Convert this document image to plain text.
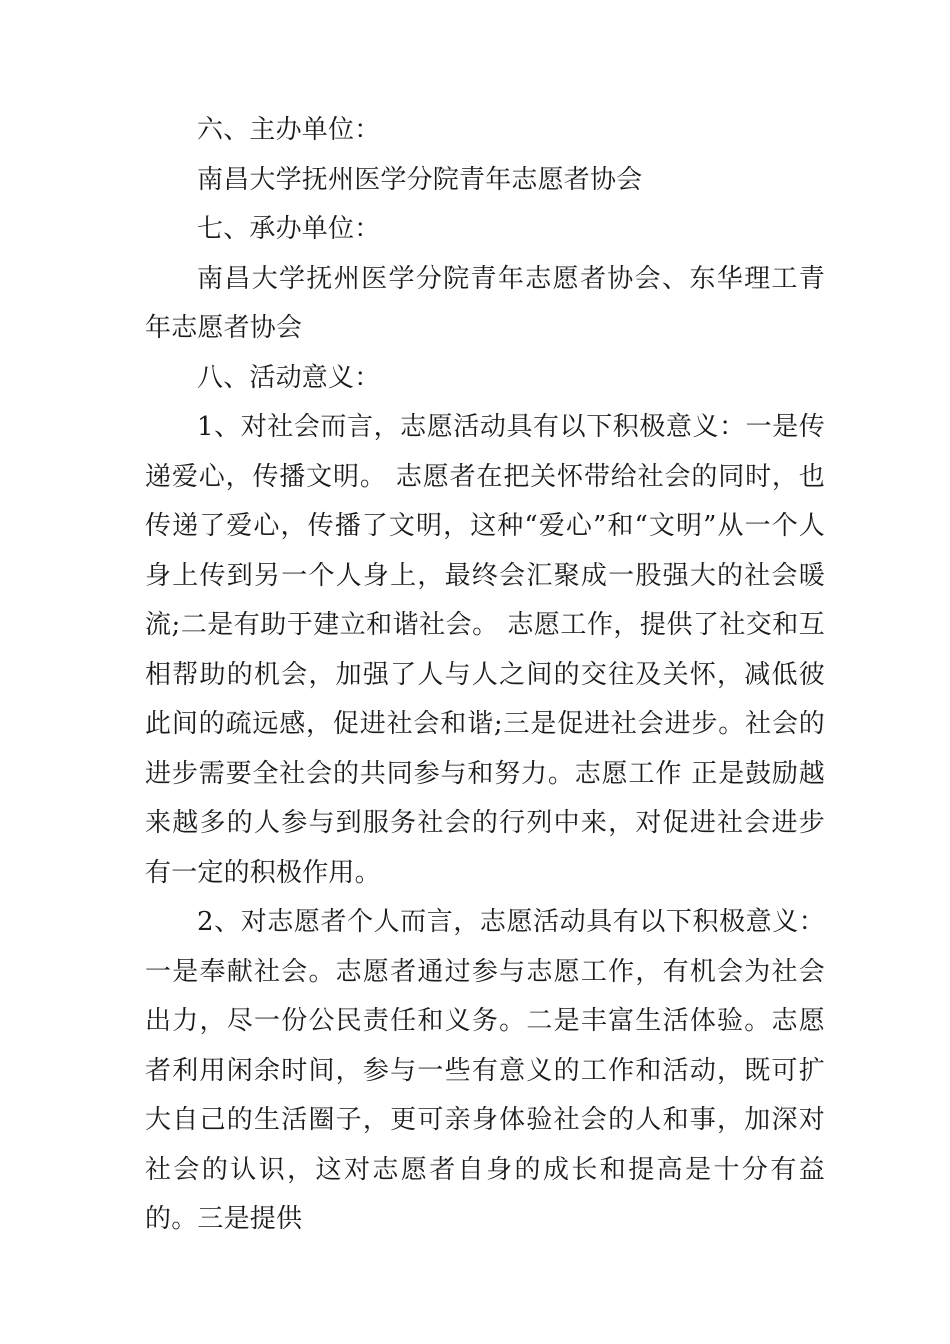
六、主办单位：

南昌大学抚州医学分院青年志愿者协会

七、承办单位：

南昌大学抚州医学分院青年志愿者协会、东华理工青年志愿者协会

八、活动意义：

1、对社会而言，志愿活动具有以下积极意义：一是传递爱心，传播文明。 志愿者在把关怀带给社会的同时，也传递了爱心，传播了文明，这种“爱心”和“文明”从一个人身上传到另一个人身上，最终会汇聚成一股强大的社会暖流;二是有助于建立和谐社会。 志愿工作，提供了社交和互相帮助的机会，加强了人与人之间的交往及关怀，减低彼此间的疏远感，促进社会和谐;三是促进社会进步。社会的进步需要全社会的共同参与和努力。志愿工作 正是鼓励越来越多的人参与到服务社会的行列中来，对促进社会进步有一定的积极作用。

2、对志愿者个人而言，志愿活动具有以下积极意义：一是奉献社会。志愿者通过参与志愿工作，有机会为社会出力，尽一份公民责任和义务。二是丰富生活体验。志愿者利用闲余时间，参与一些有意义的工作和活动，既可扩大自己的生活圈子，更可亲身体验社会的人和事，加深对社会的认识，这对志愿者自身的成长和提高是十分有益的。三是提供
